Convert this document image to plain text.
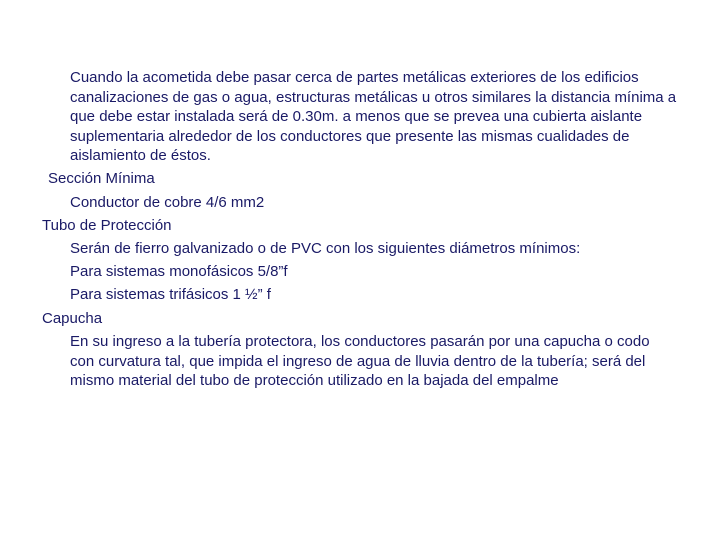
Cuando la acometida debe pasar cerca de partes metálicas exteriores de los edificios canalizaciones de gas o agua, estructuras metálicas u otros similares la distancia mínima a que debe estar instalada será de 0.30m. a menos que se prevea una cubierta aislante suplementaria alrededor de los conductores que presente las mismas cualidades de aislamiento de éstos.
Sección Mínima
Conductor de cobre 4/6 mm2
Tubo de Protección
Serán de fierro galvanizado o de PVC con los siguientes diámetros mínimos:
Para sistemas monofásicos 5/8”f
Para sistemas trifásicos 1 ½” f
Capucha
En su ingreso a la tubería protectora, los conductores pasarán por una capucha o codo con curvatura tal, que impida el ingreso de agua de lluvia dentro de la tubería; será del mismo material del tubo de protección utilizado en la bajada del empalme
